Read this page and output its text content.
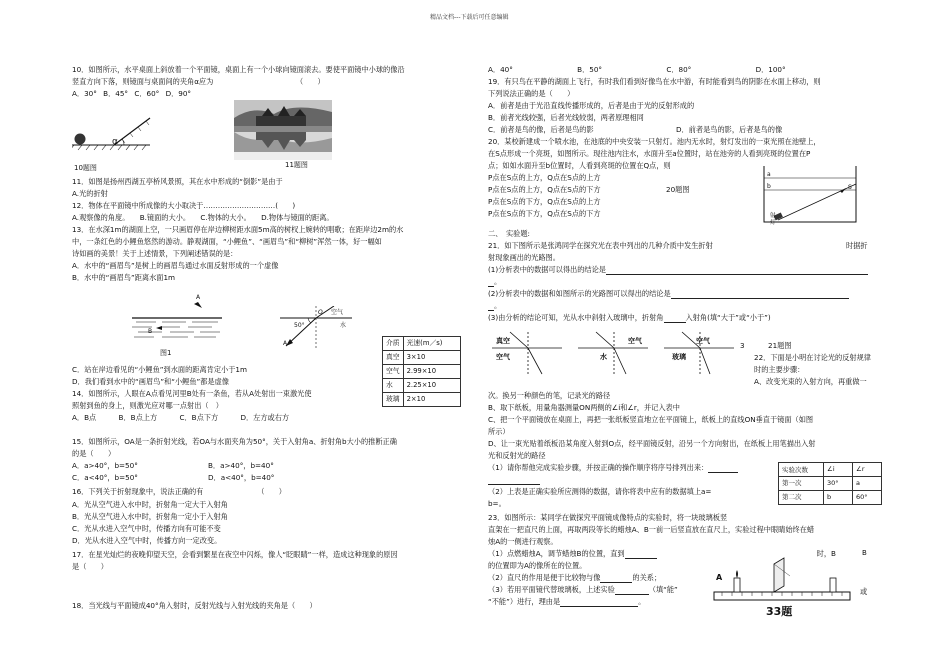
精品文档---下载后可任意编辑
10．如图所示，水平桌面上斜放着一个平面镜，桌面上有一个小球向镜面滚去。要使平面镜中小球的像沿
竖直方向下落，则镜面与桌面间的夹角α应为　　　　　　　　　　　　（　　）
A．30° B．45° C．60° D．90°
α
10题图	11题图
11．如图是扬州西湖五亭桥风景照，其在水中形成的“倒影”是由于
A.光的折射
12．物体在平面镜中所成像的大小取决于…………………………(　　)
A.观察像的角度。 B.镜面的大小。 C.物体的大小。 D.物体与镜面的距离。
13．在水深1m的湖面上空，一只画眉停在岸边柳树距水面5m高的树杈上婉转的唱歌；在距岸边2m的水
中，一条红色的小鲤鱼悠然的游动。静观湖面，“小鲤鱼”、“画眉鸟”和“柳树”浑然一体，好一幅如
诗如画的美景！关于上述情景，下列阐述错误的是：
A．水中的“画眉鸟”是树上的画眉鸟通过水面反射形成的一个虚像
B．水中的“画眉鸟”距离水面1m
A
B
图1
O 空气
水
50°
A	介质	光速(m／s)
真空	3×10
空气	2.99×10
水	2.25×10
玻璃	2×10
C．站在岸边看见的“小鲤鱼”到水面的距离肯定小于1m
D．我们看到水中的“画眉鸟”和“小鲤鱼”都是虚像
14．如图所示，人眼在A点看见河里B处有一条鱼，若从A处射出一束激光使
照射到鱼的身上，则激光应对哪一点射出（　）
A．B点	B．B点上方	C．B点下方	D．左方或右方
15．如图所示，OA是一条折射光线，若OA与水面夹角为50°，关于入射角a、折射角b大小的推断正确
的是（　　）
A．a>40°，b=50°	B．a>40°，b=40°
C．a<40°，b=50°	D．a<40°，b=40°
16．下列关于折射现象中，说法正确的有　　　　　　　　（　　）
A．光从空气进入水中时，折射角一定大于入射角
B．光从空气进入水中时，折射角一定小于入射角
C．光从水进入空气中时，传播方向有可能不变
D．光从水进入空气中时，传播方向一定改变。
17．在星光灿烂的夜晚仰望天空，会看到繁星在夜空中闪烁，像人“眨眼睛”一样，造成这种现象的原因
是（　　）
18．当光线与平面镜成40°角入射时，反射光线与入射光线的夹角是（　　）
A．40°	B．50°	C．80°	D．100°
19．有只鸟在平静的湖面上飞行，有时我们看到好像鸟在水中游，有时能看到鸟的阴影在水面上移动，则
下列说法正确的是（　　）
A．前者是由于光沿直线传播形成的，后者是由于光的反射形成的
B．前者光线较强，后者光线较弱，两者原理相同
C．前者是鸟的像，后者是鸟的影	D．前者是鸟的影，后者是鸟的像
20．某校新建成一个喷水池，在池底的中央安装一只射灯。池内无水时，射灯发出的一束光照在池壁上，
在S点形成一个亮斑，如图所示。现往池内注水，水面升至a位置时，站在池旁的人看到亮斑的位置在P
点；如如水面升至b位置时，人看到亮斑的位置在Q点，则
P点在S点的上方，Q点在S点的上方
P点在S点的上方，Q点在S点的下方	20题图
P点在S点的下方，Q点在S点的上方
P点在S点的下方，Q点在S点的下方
a
b	S
射灯
二、　实验题:
21．如下图所示是张鸿同学在探究光在表中列出的几种介质中发生折射	时据折
射现象画出的光路图。
(1)分析表中的数据可以得出的结论是
。
(2)分析表中的数据和如图所示的光路图可以得出的结论是
。
(3)由分析的结论可知，光从水中斜射入玻璃中，折射角	入射角(填“大于”或“小于”)
真空
空气
空气
水
空气
玻璃
3	21题图
22．下面是小明在讨论光的反射规律
时的主要步骤：
A、改变光束的入射方向，再重做一
次。换另一种颜色的笔，记录光的路径
B、取下纸板，用量角器测量ON两侧的∠i和∠r，并记入表中
C、把一个平面镜放在桌面上，再把一张纸板竖直地立在平面镜上，纸板上的直线ON垂直于镜面（如图
所示）
D、让一束光贴着纸板沿某角度入射到O点，经平面镜反射，沿另一个方向射出，在纸板上用笔描出入射
光和反射光的路径
（1）请你帮他完成实验步骤，并按正确的操作顺序将序号排列出来：
（2）上表是正确实验所应测得的数据，请你将表中应有的数据填上a=
b=。
实验次数	∠i	∠r
第一次	30°	a
第二次	b	60°
23．如图所示：某同学在做探究平面镜成像特点的实验时，将一块玻璃板竖
直架在一把直尺的上面，再取两段等长的蜡烛A、B一前一后竖直放在直尺上，实验过程中眼睛始终在蜡
烛A的一侧进行观察。
（1）点燃蜡烛A，调节蜡烛B的位置，直到	时，B
的位置即为A的像所在的位置。
（2）直尺的作用是便于比较物与像	的关系；
（3）若用平面镜代替玻璃板，上述实验	（填“能”	或
“不能”）进行，理由是	。
A
B
33题
